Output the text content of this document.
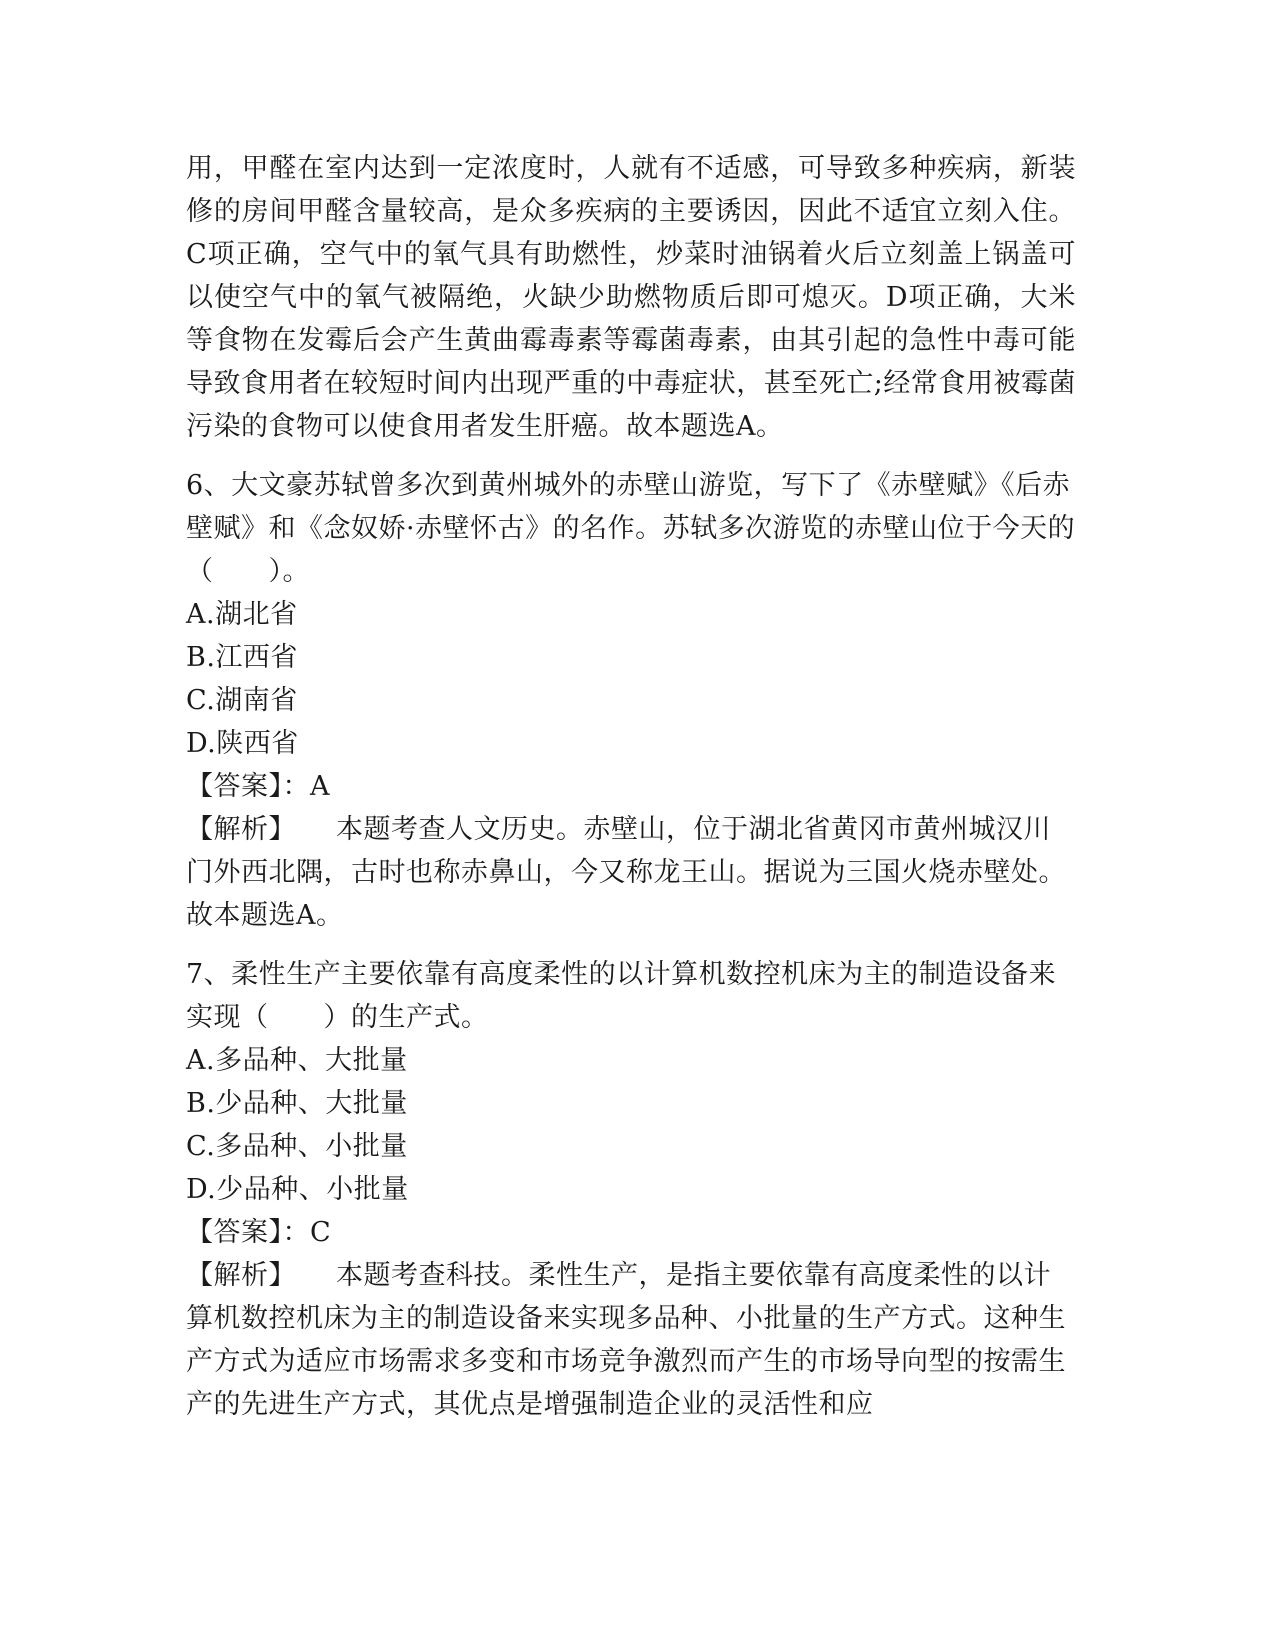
用，甲醛在室内达到一定浓度时，人就有不适感，可导致多种疾病，新装修的房间甲醛含量较高，是众多疾病的主要诱因，因此不适宜立刻入住。C项正确，空气中的氧气具有助燃性，炒菜时油锅着火后立刻盖上锅盖可以使空气中的氧气被隔绝，火缺少助燃物质后即可熄灭。D项正确，大米等食物在发霉后会产生黄曲霉毒素等霉菌毒素，由其引起的急性中毒可能导致食用者在较短时间内出现严重的中毒症状，甚至死亡;经常食用被霉菌污染的食物可以使食用者发生肝癌。故本题选A。

6、大文豪苏轼曾多次到黄州城外的赤壁山游览，写下了《赤壁赋》《后赤壁赋》和《念奴娇·赤壁怀古》的名作。苏轼多次游览的赤壁山位于今天的（　　）。

A.湖北省

B.江西省

C.湖南省

D.陕西省

【答案】：A

【解析】 本题考查人文历史。赤壁山，位于湖北省黄冈市黄州城汉川门外西北隅，古时也称赤鼻山，今又称龙王山。据说为三国火烧赤壁处。故本题选A。

7、柔性生产主要依靠有高度柔性的以计算机数控机床为主的制造设备来实现（　　）的生产式。

A.多品种、大批量

B.少品种、大批量

C.多品种、小批量

D.少品种、小批量

【答案】：C

【解析】 本题考查科技。柔性生产，是指主要依靠有高度柔性的以计算机数控机床为主的制造设备来实现多品种、小批量的生产方式。这种生产方式为适应市场需求多变和市场竞争激烈而产生的市场导向型的按需生产的先进生产方式，其优点是增强制造企业的灵活性和应
